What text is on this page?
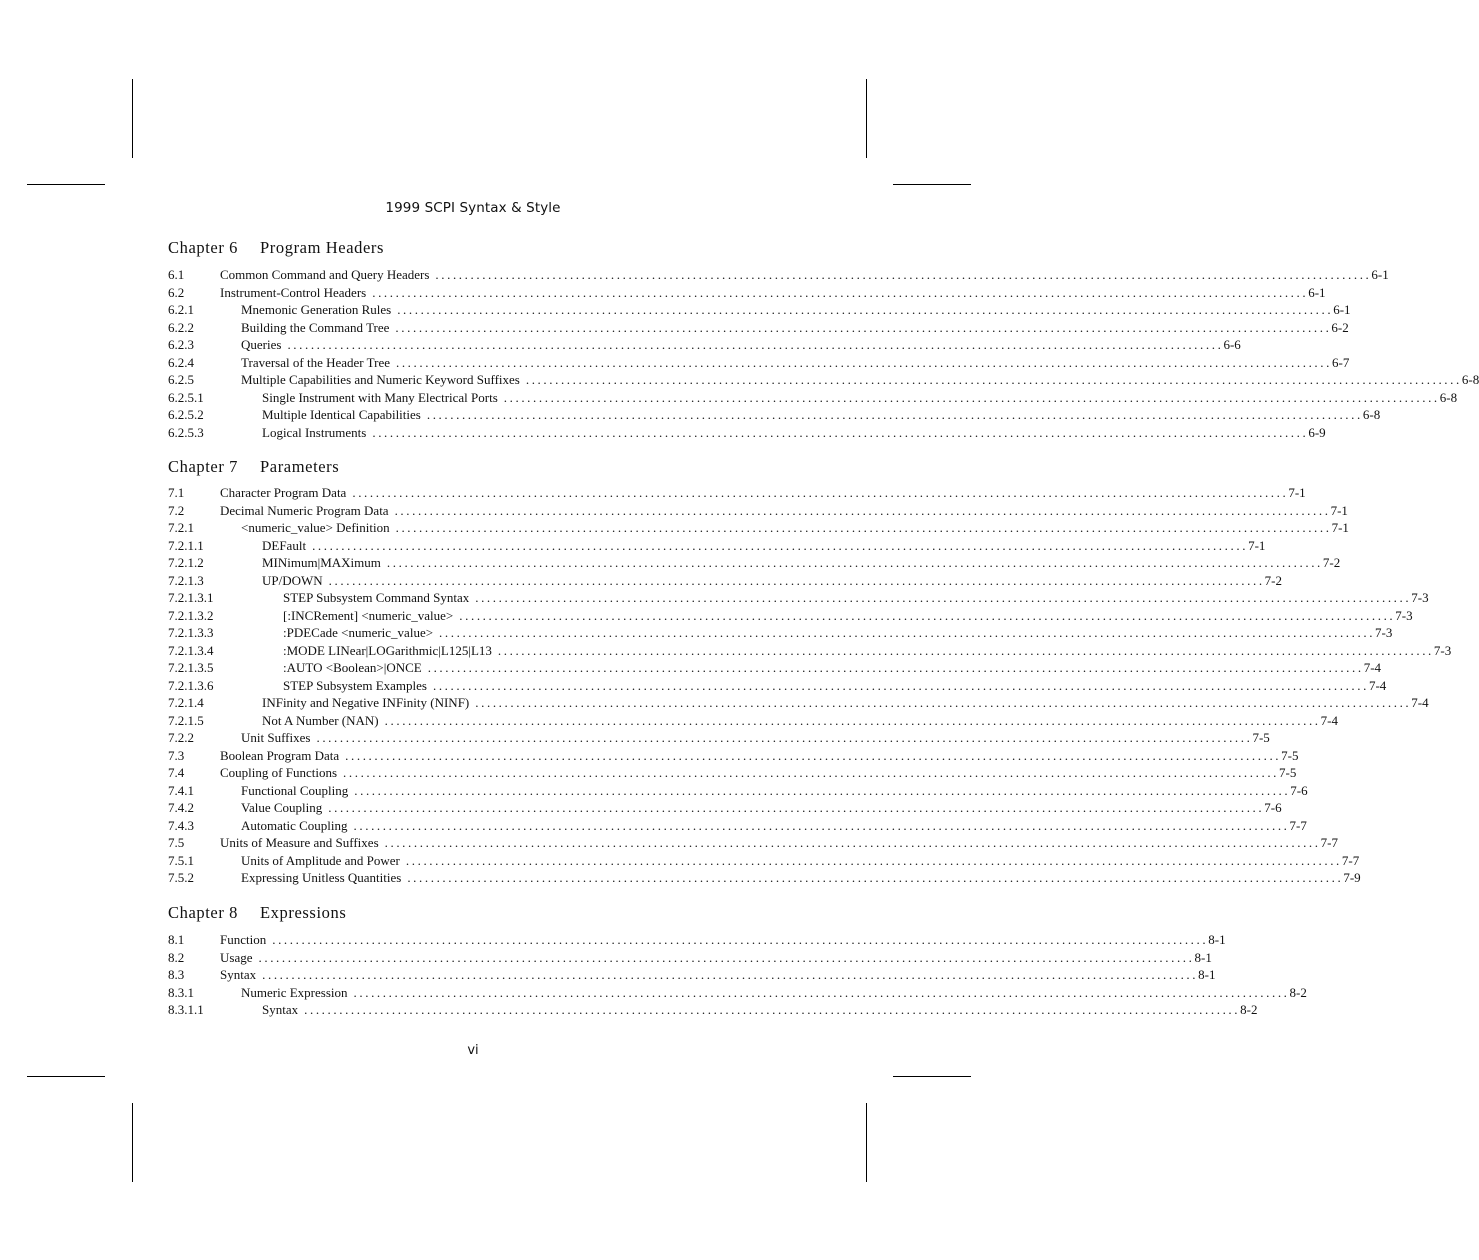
1999 SCPI Syntax & Style
Chapter 6 Program Headers
6.1	Common Command and Query Headers ................................................................................................................................................................ 6-1
6.2	Instrument-Control Headers ................................................................................................................................................................ 6-1
6.2.1	Mnemonic Generation Rules ................................................................................................................................................................ 6-1
6.2.2	Building the Command Tree ................................................................................................................................................................ 6-2
6.2.3	Queries ................................................................................................................................................................ 6-6
6.2.4	Traversal of the Header Tree ................................................................................................................................................................ 6-7
6.2.5	Multiple Capabilities and Numeric Keyword Suffixes ................................................................................................................................................................ 6-8
6.2.5.1	Single Instrument with Many Electrical Ports ................................................................................................................................................................ 6-8
6.2.5.2	Multiple Identical Capabilities ................................................................................................................................................................ 6-8
6.2.5.3	Logical Instruments ................................................................................................................................................................ 6-9
Chapter 7 Parameters
7.1	Character Program Data ................................................................................................................................................................ 7-1
7.2	Decimal Numeric Program Data ................................................................................................................................................................ 7-1
7.2.1	<numeric_value> Definition ................................................................................................................................................................ 7-1
7.2.1.1	DEFault ................................................................................................................................................................ 7-1
7.2.1.2	MINimum|MAXimum ................................................................................................................................................................ 7-2
7.2.1.3	UP/DOWN ................................................................................................................................................................ 7-2
7.2.1.3.1	STEP Subsystem Command Syntax ................................................................................................................................................................ 7-3
7.2.1.3.2	[:INCRement] <numeric_value> ................................................................................................................................................................ 7-3
7.2.1.3.3	:PDECade <numeric_value> ................................................................................................................................................................ 7-3
7.2.1.3.4	:MODE LINear|LOGarithmic|L125|L13 ................................................................................................................................................................ 7-3
7.2.1.3.5	:AUTO <Boolean>|ONCE ................................................................................................................................................................ 7-4
7.2.1.3.6	STEP Subsystem Examples ................................................................................................................................................................ 7-4
7.2.1.4	INFinity and Negative INFinity (NINF) ................................................................................................................................................................ 7-4
7.2.1.5	Not A Number (NAN) ................................................................................................................................................................ 7-4
7.2.2	Unit Suffixes ................................................................................................................................................................ 7-5
7.3	Boolean Program Data ................................................................................................................................................................ 7-5
7.4	Coupling of Functions ................................................................................................................................................................ 7-5
7.4.1	Functional Coupling ................................................................................................................................................................ 7-6
7.4.2	Value Coupling ................................................................................................................................................................ 7-6
7.4.3	Automatic Coupling ................................................................................................................................................................ 7-7
7.5	Units of Measure and Suffixes ................................................................................................................................................................ 7-7
7.5.1	Units of Amplitude and Power ................................................................................................................................................................ 7-7
7.5.2	Expressing Unitless Quantities ................................................................................................................................................................ 7-9
Chapter 8 Expressions
8.1	Function ................................................................................................................................................................ 8-1
8.2	Usage ................................................................................................................................................................ 8-1
8.3	Syntax ................................................................................................................................................................ 8-1
8.3.1	Numeric Expression ................................................................................................................................................................ 8-2
8.3.1.1	Syntax ................................................................................................................................................................ 8-2
vi
